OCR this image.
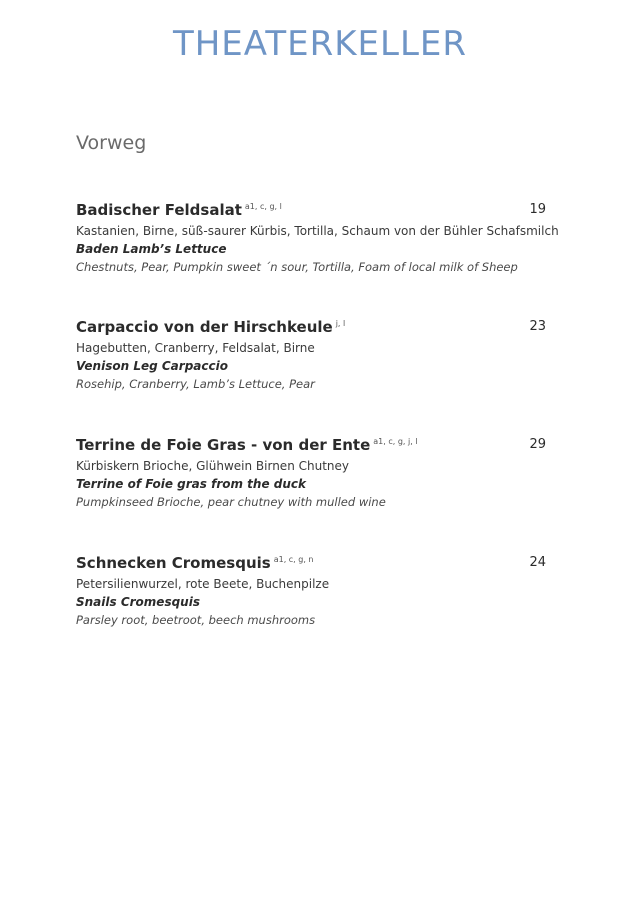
THEATERKELLER
Vorweg
Badischer Feldsalat $^{a1, c, g, l}$	19
Kastanien, Birne, süß-saurer Kürbis, Tortilla, Schaum von der Bühler Schafsmilch
Baden Lamb’s Lettuce
Chestnuts, Pear, Pumpkin sweet ´n sour, Tortilla, Foam of local milk of Sheep
Carpaccio von der Hirschkeule $^{j, l}$	23
Hagebutten, Cranberry, Feldsalat, Birne
Venison Leg Carpaccio
Rosehip, Cranberry, Lamb’s Lettuce, Pear
Terrine de Foie Gras - von der Ente $^{a1, c, g, j, l}$	29
Kürbiskern Brioche, Glühwein Birnen Chutney
Terrine of Foie gras from the duck
Pumpkinseed Brioche, pear chutney with mulled wine
Schnecken Cromesquis $^{a1, c, g, n}$	24
Petersilienwurzel, rote Beete, Buchenpilze
Snails Cromesquis
Parsley root, beetroot, beech mushrooms
